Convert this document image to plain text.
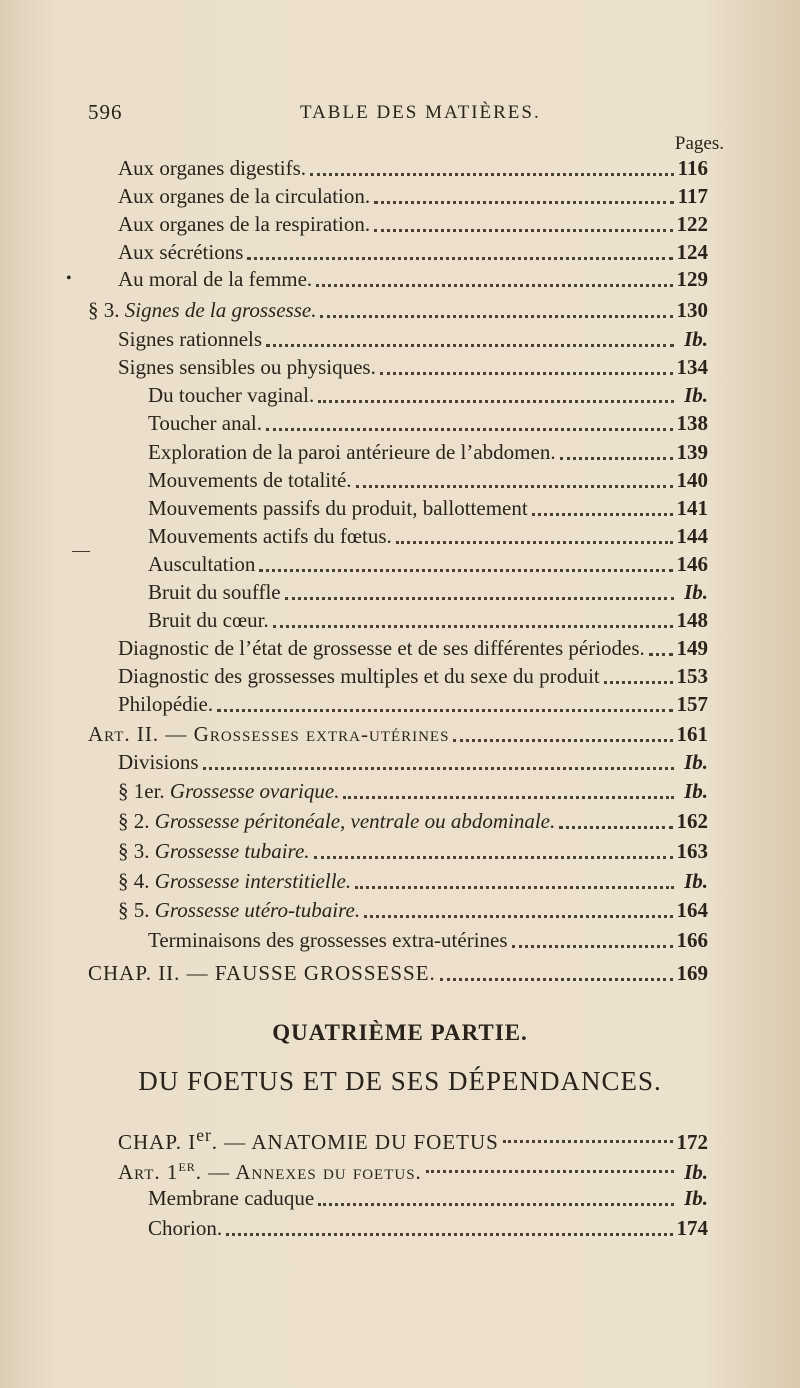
596	TABLE DES MATIÈRES.
Pages.
•
—
Aux organes digestifs.	116
Aux organes de la circulation.	117
Aux organes de la respiration.	122
Aux sécrétions	124
Au moral de la femme.	129
§ 3. Signes de la grossesse.	130
Signes rationnels	Ib.
Signes sensibles ou physiques.	134
Du toucher vaginal.	Ib.
Toucher anal.	138
Exploration de la paroi antérieure de l’abdomen.	139
Mouvements de totalité.	140
Mouvements passifs du produit, ballottement	141
Mouvements actifs du fœtus.	144
Auscultation	146
Bruit du souffle	Ib.
Bruit du cœur.	148
Diagnostic de l’état de grossesse et de ses différentes périodes. 149
Diagnostic des grossesses multiples et du sexe du produit	153
Philopédie.	157
Art. II. — Grossesses extra-utérines	161
Divisions	Ib.
§ 1er. Grossesse ovarique.	Ib.
§ 2. Grossesse péritonéale, ventrale ou abdominale.	162
§ 3. Grossesse tubaire.	163
§ 4. Grossesse interstitielle.	Ib.
§ 5. Grossesse utéro-tubaire.	164
Terminaisons des grossesses extra-utérines	166
CHAP. II. — FAUSSE GROSSESSE.	169
QUATRIÈME PARTIE.
DU FOETUS ET DE SES DÉPENDANCES.
CHAP. Ier. — ANATOMIE DU FOETUS	172
Art. 1er. — Annexes du foetus.	Ib.
Membrane caduque	Ib.
Chorion.	174
